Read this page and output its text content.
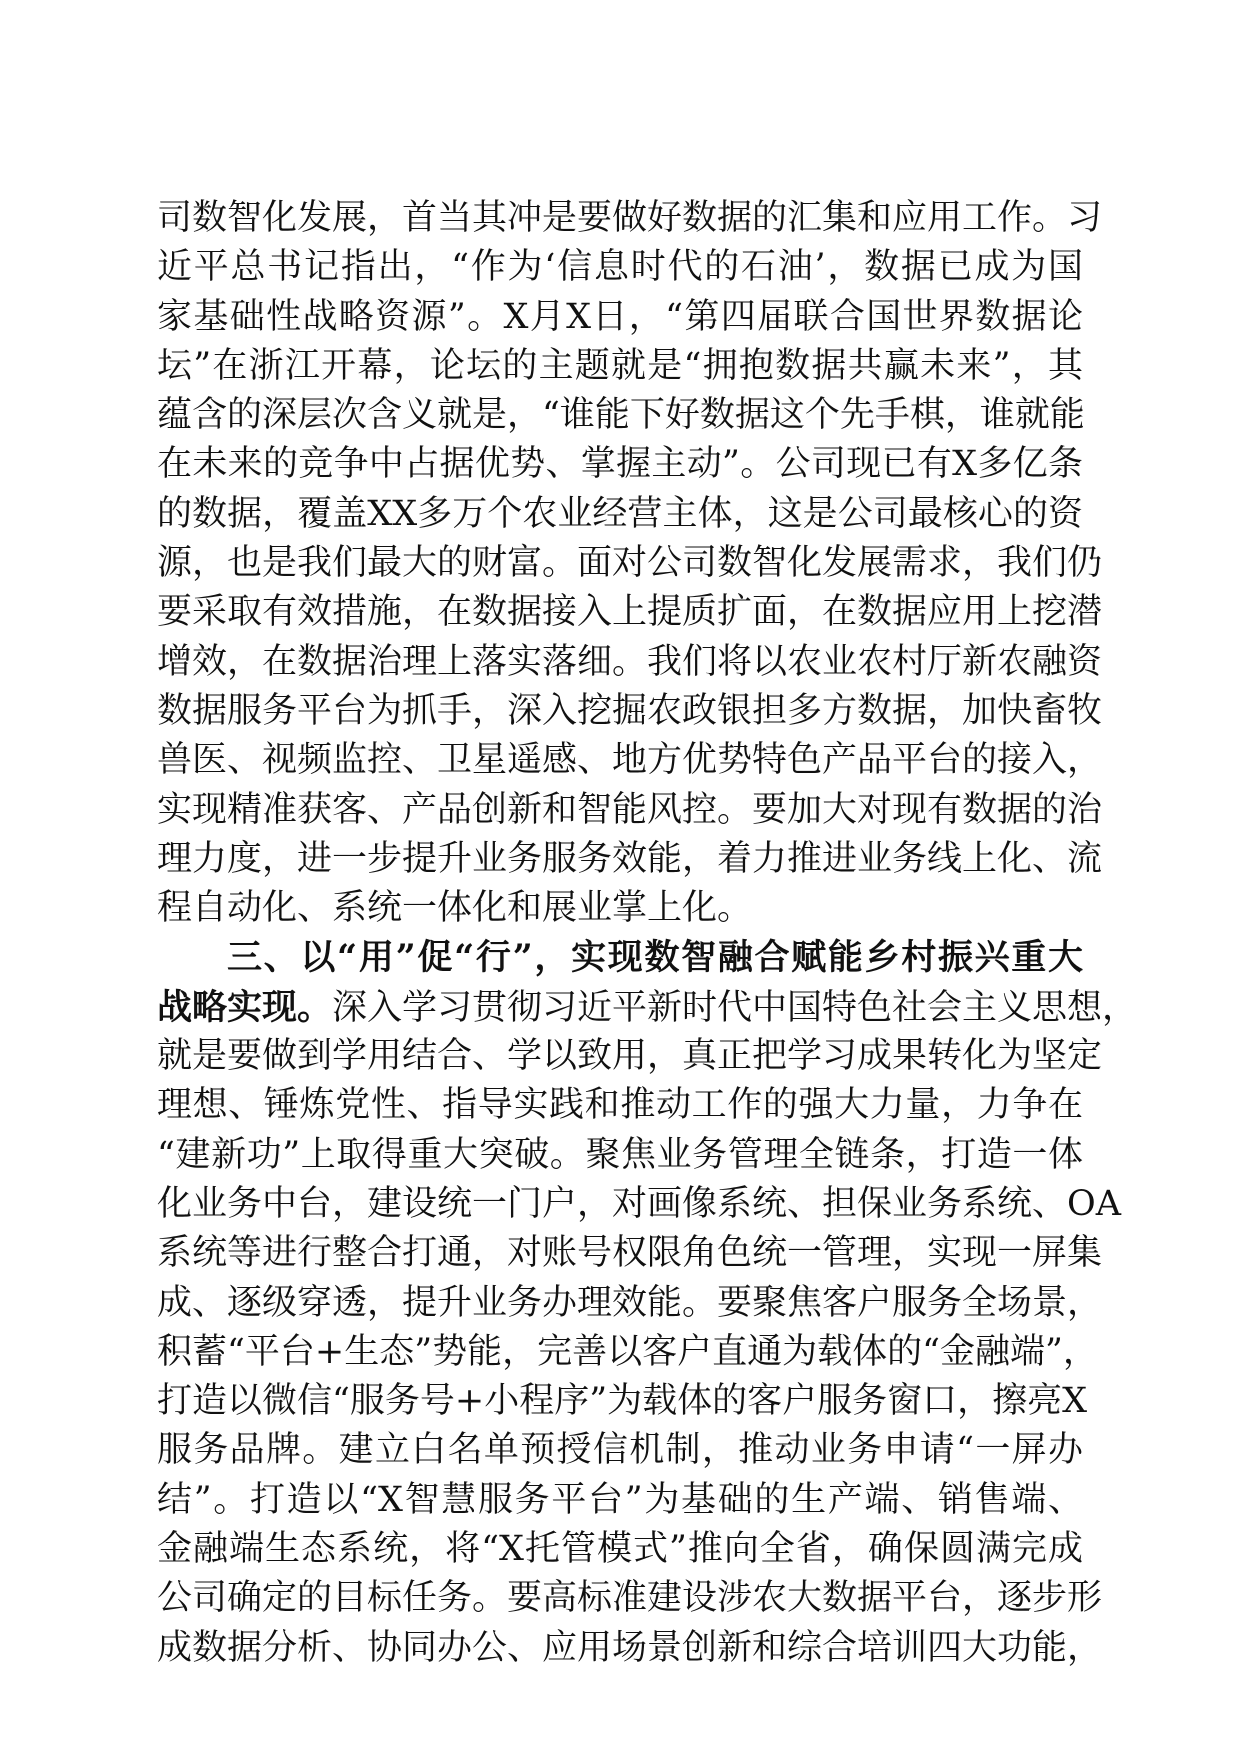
司数智化发展，首当其冲是要做好数据的汇集和应用工作。习
近平总书记指出，“作为‘信息时代的石油’，数据已成为国
家基础性战略资源”。X月X日，“第四届联合国世界数据论
坛”在浙江开幕，论坛的主题就是“拥抱数据共赢未来”，其
蕴含的深层次含义就是，“谁能下好数据这个先手棋，谁就能
在未来的竞争中占据优势、掌握主动”。公司现已有X多亿条
的数据，覆盖XX多万个农业经营主体，这是公司最核心的资
源，也是我们最大的财富。面对公司数智化发展需求，我们仍
要采取有效措施，在数据接入上提质扩面，在数据应用上挖潜
增效，在数据治理上落实落细。我们将以农业农村厅新农融资
数据服务平台为抓手，深入挖掘农政银担多方数据，加快畜牧
兽医、视频监控、卫星遥感、地方优势特色产品平台的接入，
实现精准获客、产品创新和智能风控。要加大对现有数据的治
理力度，进一步提升业务服务效能，着力推进业务线上化、流
程自动化、系统一体化和展业掌上化。
三、以“用”促“行”，实现数智融合赋能乡村振兴重大
战略实现。深入学习贯彻习近平新时代中国特色社会主义思想，
就是要做到学用结合、学以致用，真正把学习成果转化为坚定
理想、锤炼党性、指导实践和推动工作的强大力量，力争在
“建新功”上取得重大突破。聚焦业务管理全链条，打造一体
化业务中台，建设统一门户，对画像系统、担保业务系统、OA
系统等进行整合打通，对账号权限角色统一管理，实现一屏集
成、逐级穿透，提升业务办理效能。要聚焦客户服务全场景，
积蓄“平台+生态”势能，完善以客户直通为载体的“金融端”，
打造以微信“服务号+小程序”为载体的客户服务窗口，擦亮X
服务品牌。建立白名单预授信机制，推动业务申请“一屏办
结”。打造以“X智慧服务平台”为基础的生产端、销售端、
金融端生态系统，将“X托管模式”推向全省，确保圆满完成
公司确定的目标任务。要高标准建设涉农大数据平台，逐步形
成数据分析、协同办公、应用场景创新和综合培训四大功能，
